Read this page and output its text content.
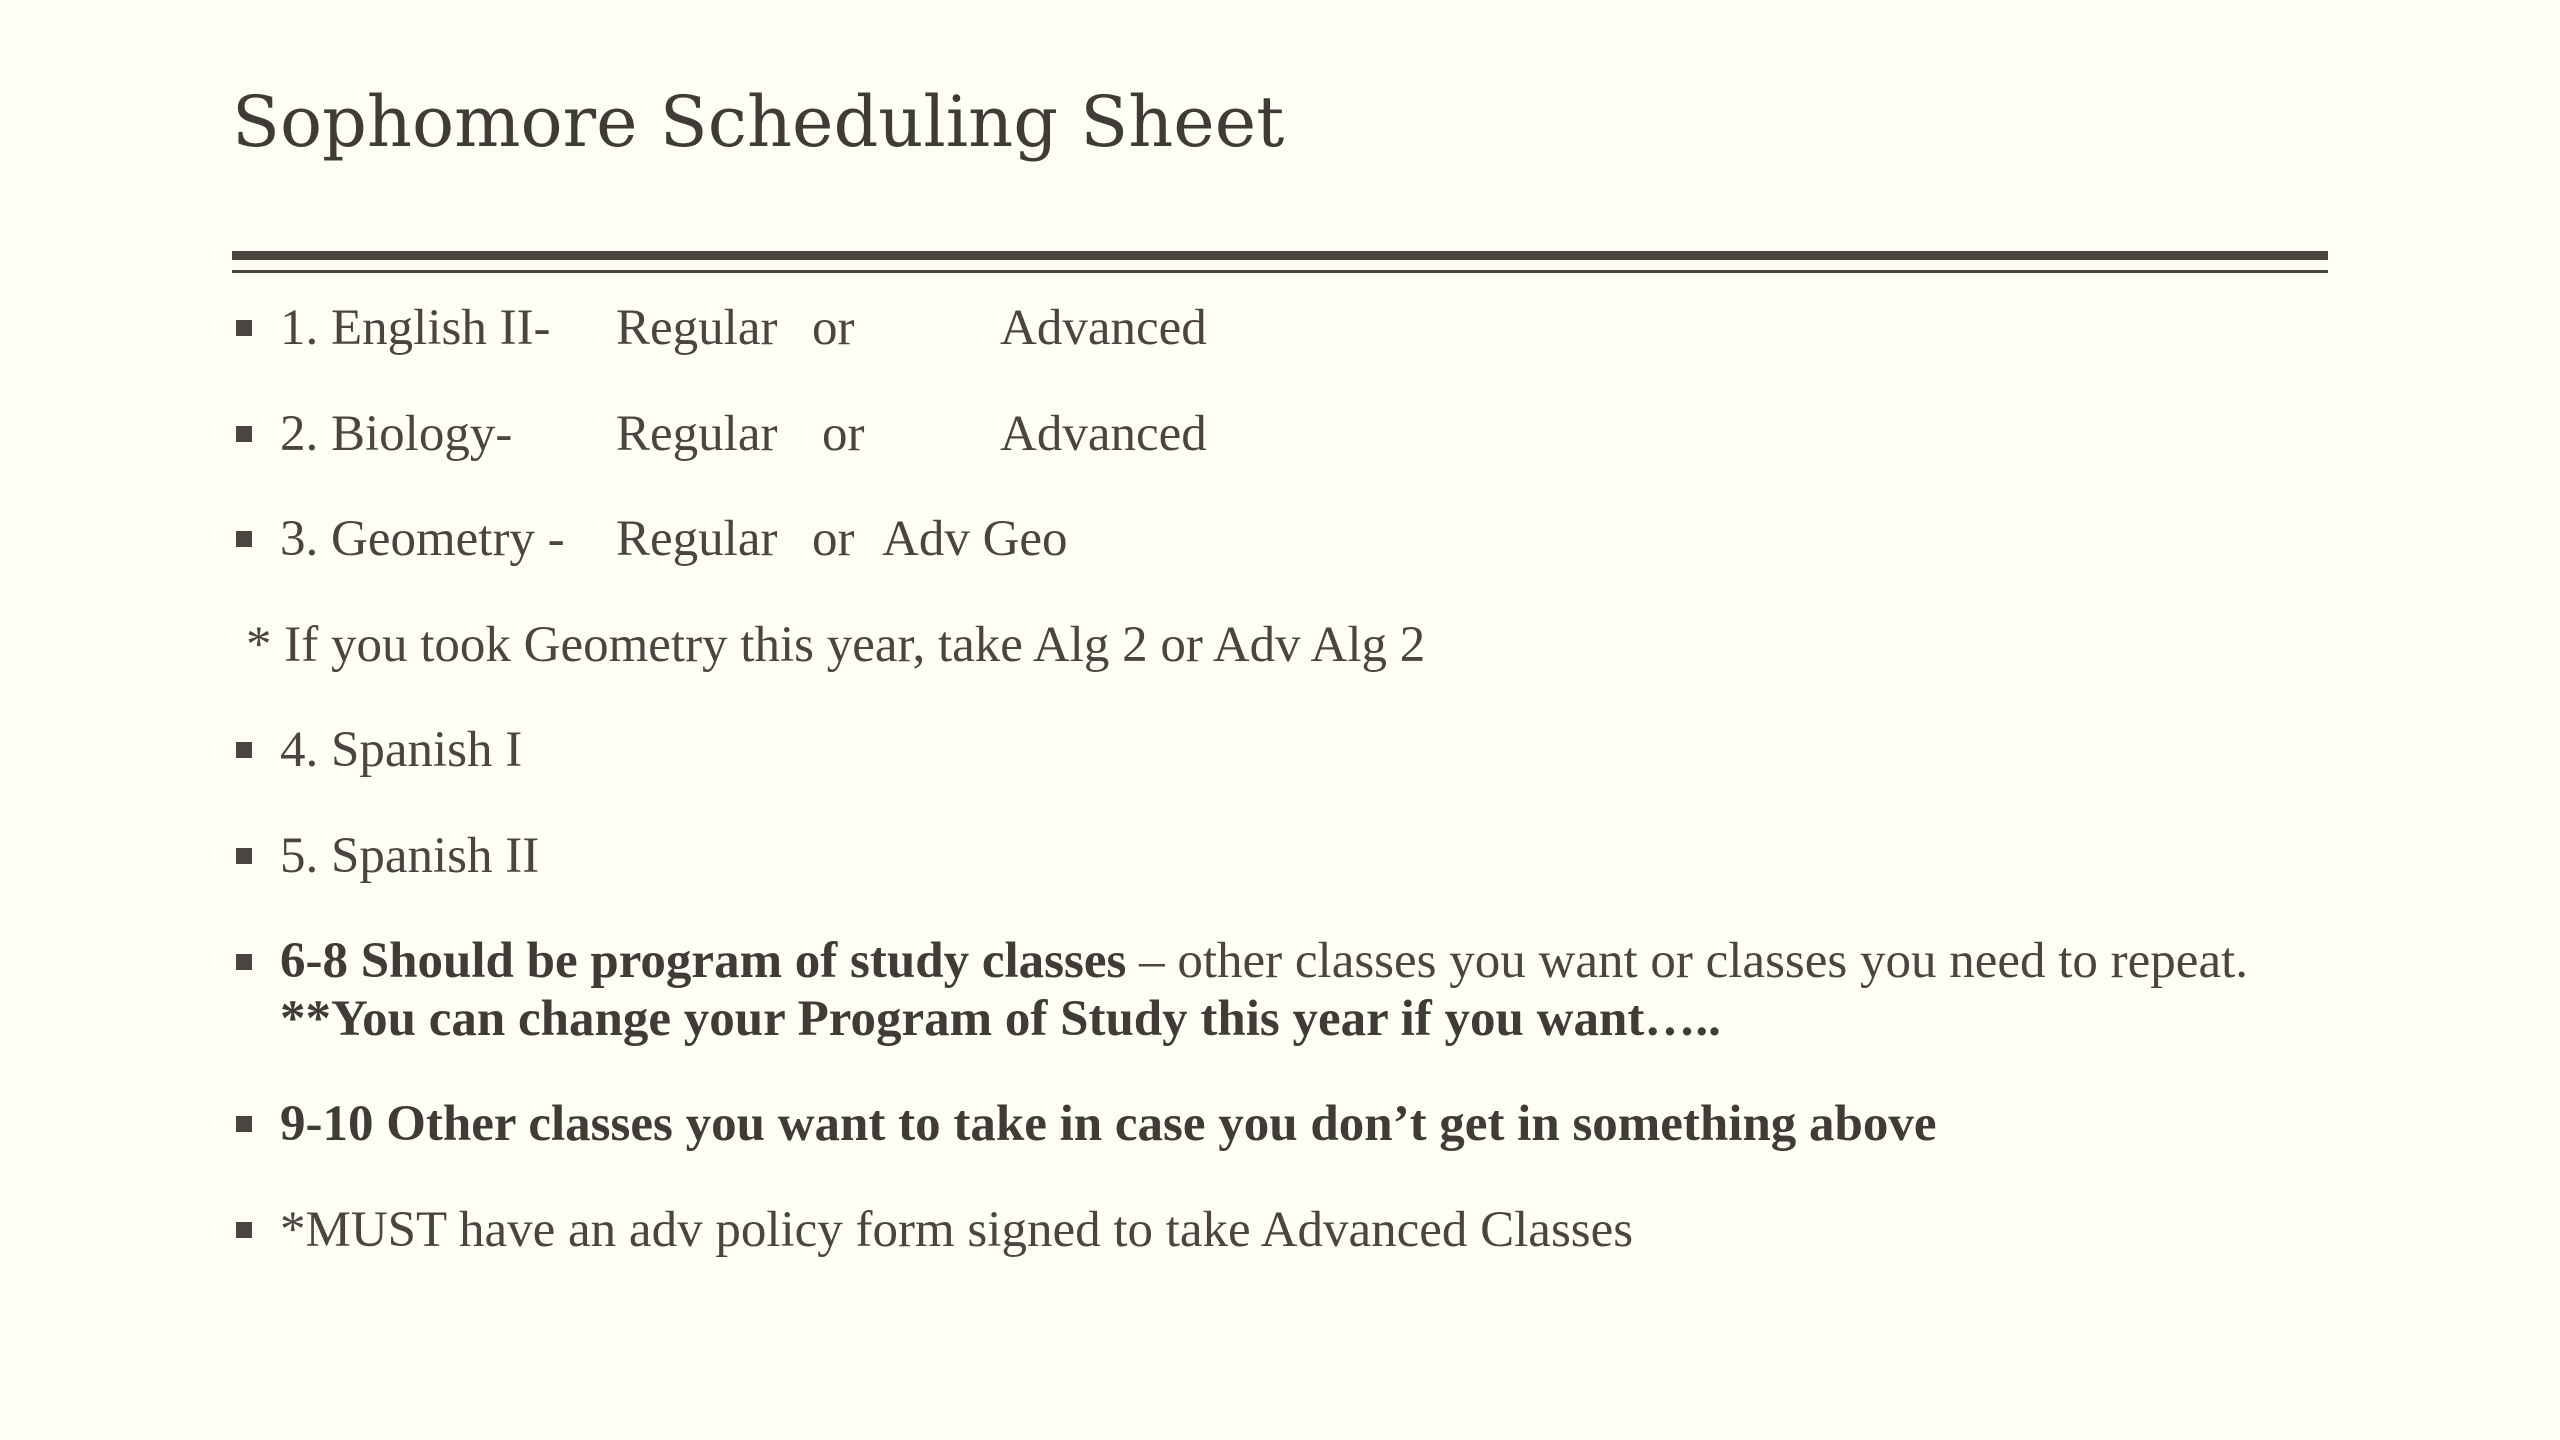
Sophomore Scheduling Sheet
1. English II- Regular or	Advanced
2. Biology- Regular or	Advanced
3. Geometry - Regular or Adv Geo
* If you took Geometry this year, take Alg 2 or Adv Alg 2
4. Spanish I
5. Spanish II
6-8 Should be program of study classes – other classes you want or classes you need to repeat. **You can change your Program of Study this year if you want…..
9-10 Other classes you want to take in case you don’t get in something above
*MUST have an adv policy form signed to take Advanced Classes
